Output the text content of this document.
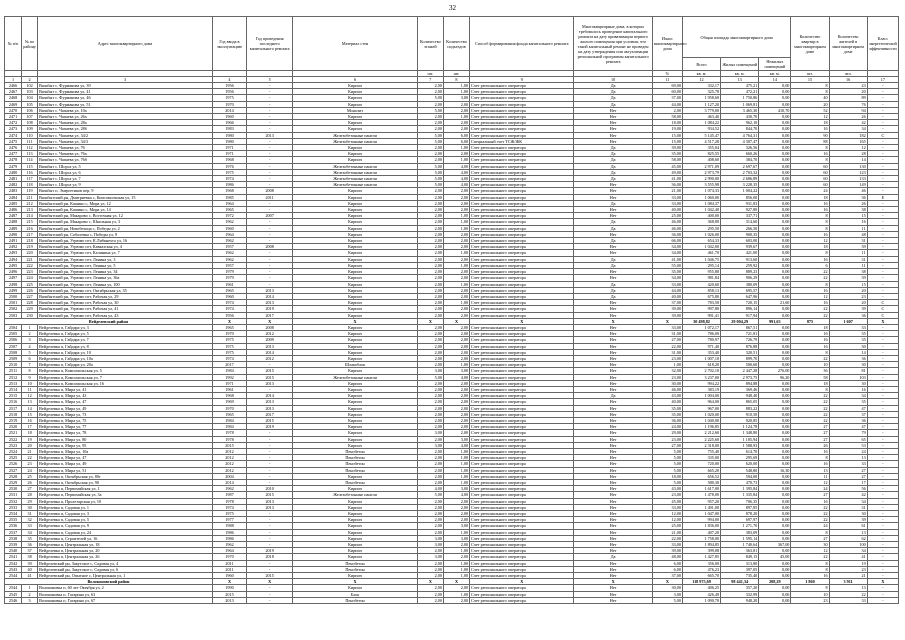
32
№ п/п	№ по району	Адрес многоквартирного дома	Год ввода в эксплуатацию	Год проведения последнего капитального ремонта	Материал стен	Количество этажей	Количество подъездов	Способ формирования фонда капитального ремонта	Многоквартирные дома, в которых требовалось проведение капитального ремонта на дату привативации первого жилого помещения при условии, что такой капитальный ремонт не проведен на дату утверждения или актуализации региональной программы капитального ремонта	Износ многоквартирного дома	Общая площадь многоквартирного дома			Количество квартир в многоквартирном доме	Количество жителей в многоквартирном доме	Класс энергетической эффективности
											Всего	Жилых помещений	Нежилых помещений			
						шт.	шт.			%	кв. м.	кв. м.	кв. м.	шт.	чел.	
1	2	3	4	5	6	7	8	9	10	11	12	13	14	15	16	17
2466	102	Вязьбыт с. Фурманова ул, 39	1956	-	Кирпич	2,00	1,00	Счет регионального оператора	Да	69,00	332,17	475,21	0,00	8	23	-
2467	103	Вязьбыт с. Фурманова ул, 41	1956	-	Кирпич	2,00	1,00	Счет регионального оператора	Да	60,00	325,78	472,21	0,00	8	20	-
2468	104	Вязьбыт с. Фурманова ул, 46	1975	-	Кирпич	5,00	3,00	Счет регионального оператора	Да	37,00	1 958,60	1 750,86	0,00	40	89	-
2469	105	Вязьбыт с. Фурманова ул, 51	1970	-	Кирпич	2,00	2,00	Счет регионального оператора	Да	44,00	1 127,20	1 069,81	0,00	20	76	-
2470	106	Вязьбыт с. Чапаева ул, 10а	2014	-	Монолит	5,00	2,00	Счет регионального оператора	Нет	2,00	3 779,00	3 465,30	410,70	52	94	-
2471	107	Вязьбыт с. Чапаева ул, 26а	1960	-	Кирпич	2,00	1,00	Счет регионального оператора	Нет	58,00	463,40	430,70	0,00	12	26	-
2472	108	Вязьбыт с. Чапаева ул, 28а	1966	-	Кирпич	2,00	2,00	Счет регионального оператора	Нет	18,00	1 084,22	962,10	0,00	18	42	-
2473	109	Вязьбыт с. Чапаева ул, 28б	1983	-	Кирпич	2,00	2,00	Счет регионального оператора	Нет	19,00	934,52	844,70	0,00	16	34	-
2474	110	Вязьбыт с. Чапаева ул, 34/2	1980	2013	Железобетонные панели	5,00	6,00	Счет регионального оператора	Нет	15,00	5 145,47	4 764,31	0,00	90	182	С
2475	111	Вязьбыт с. Чапаева ул, 34/3	1980	-	Железобетонные панели	5,00	6,00	Специальный счет ТСЖ/ЖК	Нет	15,00	4 517,28	4 307,47	0,00	88	165	-
2476	112	Вязьбыт с. Чапаева ул, 76	1971	-	Кирпич	2,00	1,00	Счет регионального оператора	Да	39,00	355,04	326,56	0,00	8	12	-
2477	113	Вязьбыт с. Чапаева ул, 76а	1971	-	Кирпич	2,00	2,00	Счет регионального оператора	Да	35,00	825,55	660,26	0,00	16	28	-
2478	114	Вязьбыт с. Чапаева ул, 76б	1968	-	Кирпич	2,00	1,00	Счет регионального оператора	Да	58,00	408,60	384,70	0,00	8	14	-
2479	115	Вязьбыт с. Шорса ул, 5	1976	-	Железобетонные панели	5,00	4,00	Счет регионального оператора	Да	45,00	2 971,09	2 697,67	0,00	60	130	-
2480	116	Вязьбыт с. Шорса ул, 6	1975	-	Железобетонные панели	5,00	4,00	Счет регионального оператора	Да	49,00	2 973,79	2 703,32	0,00	60	123	-
2481	117	Вязьбыт с. Шорса ул, 7	1974	-	Железобетонные панели	5,00	4,00	Счет регионального оператора	Да	41,00	2 990,00	2 686,89	0,00	60	133	-
2482	118	Вязьбыт с. Шорса ул, 9	1986	-	Железобетонные панели	5,00	4,00	Счет регионального оператора	Нет	36,00	3 555,98	3 228,35	0,00	60	149	-
2483	119	Вязьбыт п. Энергетиков пер, 9	1968	2008	Кирпич	2,00	2,00	Счет регионального оператора	Нет	21,00	1 074,33	1 004,22	0,00	24	46	-
2484	211	Вязьбытский рн, Дмитриевка с, Комсомольская ул, 15	1985	2011	Кирпич	2,00	2,00	Счет регионального оператора	Нет	33,00	1 060,00	856,00	0,00	18	36	Е
2485	212	Вязьбытский рн, Кашино с, Мира ул, 12	1964	-	Кирпич	2,00	2,00	Счет регионального оператора	Да	33,00	1 084,37	931,83	0,00	16	26	-
2486	213	Вязьбытский рн, Кашино с, Мира ул, 14	1965	-	Кирпич	2,00	2,00	Счет регионального оператора	Нет	40,00	1 042,40	927,80	0,00	16	38	-
2487	214	Вязьбытский рн, Макарово с, Восточная ул, 12	1972	2007	Кирпич	2,00	1,00	Счет регионального оператора	Нет	25,00	400,00	337,71	0,00	8	15	-
2488	215	Вязьбытский рн, Макарово с, Школьная ул, 3	1962	-	Кирпич	2,00	1,00	Счет регионального оператора	Да	46,00	368,80	314,60	0,00	8	16	-
2489	216	Вязьбытский рн, Новобелица с, Победы ул, 2	1960	-	Кирпич	2,00	1,00	Счет регионального оператора	Да	46,00	295,50	266,50	0,00	8	11	-
2490	217	Вязьбытский рн, Соболевка с, Победы ул, 9	1964	-	Кирпич	2,00	2,00	Счет регионального оператора	Нет	36,00	1 026,00	900,35	0,00	16	48	-
2491	218	Вязьбытский рн, Угрюмо пгт, К.Либкнехта ул, 16	1962	-	Кирпич	2,00	2,00	Счет регионального оператора	Да	66,00	654,33	603,00	0,00	12	31	-
2492	219	Вязьбытский рн, Угрюмо пгт, Кавказская ул, 4	1957	2008	Кирпич	2,00	2,00	Счет регионального оператора	Нет	34,00	1 042,00	939,67	0,00	18	39	-
2493	220	Вязьбытский рн, Угрюмо пгт, Калинина ул, 7	1962	-	Кирпич	2,00	1,00	Счет регионального оператора	Нет	34,00	461,70	421,00	0,00	8	11	-
2494	221	Вязьбытский рн, Угрюмо пгт, Ленина ул, 3	1962	-	Кирпич	2,00	2,00	Счет регионального оператора	Да	41,00	1 046,75	913,60	0,00	16	31	-
2495	222	Вязьбытский рн, Угрюмо пгт, Ленина ул, 5	1957	-	Кирпич	2,00	1,00	Счет регионального оператора	Да	55,00	295,14	259,92	0,00	6	11	-
2496	223	Вязьбытский рн, Угрюмо пгт, Ленина ул, 34	1979	-	Кирпич	2,00	2,00	Счет регионального оператора	Нет	35,00	955,80	889,23	0,00	22	38	-
2497	224	Вязьбытский рн, Угрюмо пгт, Ленина ул, 36а	1979	-	Кирпич	2,00	2,00	Счет регионального оператора	Нет	34,00	981,84	906,29	0,00	22	39	-
2498	225	Вязьбытский рн, Угрюмо пгт, Ленина ул, 100	1961	-	Кирпич	2,00	1,00	Счет регионального оператора	Да	33,00	420,60	380,09	0,00	8	15	-
2499	226	Вязьбытский рн, Угрюмо пгт, Октябрьская ул, 35	1965	2013	Кирпич	2,00	2,00	Счет регионального оператора	Да	44,00	858,13	695,57	0,00	16	20	-
2500	227	Вязьбытский рн, Угрюмо пгт, Рабочая ул, 29	1960	2014	Кирпич	2,00	2,00	Счет регионального оператора	Да	40,00	675,80	647,96	0,00	12	23	-
2501	228	Вязьбытский рн, Угрюмо пгт, Рабочая ул, 30	1974	2013	Кирпич	2,00	1,00	Счет регионального оператора	Нет	37,00	783,50	720,15	21,60	16	20	С
2502	229	Вязьбытский рн, Угрюмо пгт, Рабочая ул, 41	1974	2019	Кирпич	2,00	2,00	Счет регионального оператора	Нет	39,00	997,80	896,14	0,00	22	39	С
2503	230	Вязьбытский рн, Угрюмо пгт, Рабочая ул, 43	1956	2017	Кирпич	2,00	2,00	Счет регионального оператора	Нет	39,00	991,41	917,94	0,00	22	36	С
Вейделевский район			X	X	X	X	X	X	X	X	30 498,82	29 004,29	991,63	875	1 607	X
2504	1	Вейделевка п, Гайдара ул, 3	1965	2008	Кирпич	2,00	2,00	Счет регионального оператора	Нет	33,00	1 072,17	867,51	0,00	18	33	-
2505	2	Вейделевка п, Гайдара ул, 5	1970	2012	Кирпич	2,00	2,00	Счет регионального оператора	Нет	31,00	786,00	721,81	0,00	16	35	-
2506	3	Вейделевка п, Гайдара ул, 7	1975	2009	Кирпич	2,00	2,00	Счет регионального оператора	Нет	27,00	780,97	726,79	0,00	16	35	-
2507	4	Вейделевка п, Гайдара ул, 8	1975	2013	Кирпич	2,00	2,00	Счет регионального оператора	Нет	22,00	971,40	876,88	0,00	16	30	-
2508	5	Вейделевка п, Гайдара ул, 10	1975	2014	Кирпич	2,00	2,00	Счет регионального оператора	Нет	31,00	353,40	320,51	0,00	8	14	-
2509	6	Вейделевка п, Гайдара ул, 10а	1974	2012	Кирпич	2,00	2,00	Счет регионального оператора	Нет	23,00	1 007,10	899,70	0,00	22	36	-
2510	7	Вейделевка п, Гайдара ул, 20а	2017	-	Шлакоблок	2,00	1,00	Счет регионального оператора	Нет	1,00	618,20	500,60	0,00	10	30	-
2511	8	Вейделевка п, Комсомольская ул, 5	1984	2015	Кирпич	3,00	3,00	Счет регионального оператора	Нет	32,00	2 702,10	2 447,28	276,00	36	81	-
2512	9	Вейделевка п, Комсомольская ул, 7	1992	2015	Железобетонные панели	5,00	4,00	Счет регионального оператора	Нет	23,00	3 237,00	2 973,75	96,20	58	103	-
2513	10	Вейделевка п, Комсомольская ул, 16	1971	2013	Кирпич	2,00	2,00	Счет регионального оператора	Нет	30,00	994,22	894,88	0,00	18	30	-
2514	11	Вейделевка п, Мира ул, 41	1961	-	Кирпич	2,00	2,00	Счет регионального оператора	Нет	46,00	383,19	369,46	0,00	8	16	-
2515	12	Вейделевка п, Мира ул, 43	1968	2014	Кирпич	2,00	2,00	Счет регионального оператора	Да	43,00	1 004,00	948,40	0,00	22	34	-
2516	13	Вейделевка п, Мира ул, 47	1969	2013	Кирпич	2,00	2,00	Счет регионального оператора	Нет	40,00	964,00	865,05	0,00	22	35	-
2517	14	Вейделевка п, Мира ул, 49	1970	2013	Кирпич	2,00	2,00	Счет регионального оператора	Нет	35,00	967,00	883,22	0,00	22	47	-
2518	15	Вейделевка п, Мира ул, 73	1965	2017	Кирпич	2,00	2,00	Счет регионального оператора	Нет	35,00	1 020,00	910,50	0,00	22	37	-
2519	16	Вейделевка п, Мира ул, 75	1984	2015	Кирпич	2,00	2,00	Счет регионального оператора	Нет	36,00	1 040,00	920,85	0,00	22	36	-
2520	17	Вейделевка п, Мира ул, 77	1984	2019	Кирпич	2,00	2,00	Счет регионального оператора	Нет	24,00	1 196,85	1 124,78	0,00	27	47	-
2521	18	Вейделевка п, Мира ул, 78	1978	-	Кирпич	3,00	2,00	Счет регионального оператора	Нет	29,00	2 212,60	1 348,80	0,00	27	79	-
2522	19	Вейделевка п, Мира ул, 80	1978	-	Кирпич	2,00	3,00	Счет регионального оператора	Нет	23,00	2 225,60	1 105,94	0,00	27	65	-
2523	20	Вейделевка п, Мира ул, 95	2015	-	Кирпич	3,00	4,00	Счет регионального оператора	Нет	27,00	2 318,00	1 588,93	0,00	26	53	-
2524	21	Вейделевка п, Мира ул, 10а	2012	-	Пенобетон	2,00	1,00	Счет регионального оператора	Нет	5,00	755,40	614,70	0,00	16	24	-
2525	22	Вейделевка п, Мира ул, 47	2012	-	Пенобетон	2,00	1,00	Счет регионального оператора	Нет	5,00	335,00	295,69	0,00	8	13	-
2526	23	Вейделевка п, Мира ул, 49	2012	-	Пенобетон	2,00	1,00	Счет регионального оператора	Нет	5,00	720,00	620,00	0,00	16	33	-
2527	24	Вейделевка п, Мира ул, 51	2012	-	Пенобетон	2,00	1,00	Счет регионального оператора	Нет	5,00	665,20	548,80	16,30	13	27	-
2528	25	Вейделевка п, Октябрьская ул, 80г	2004	-	Кирпич	2,00	1,00	Счет регионального оператора	Нет	18,00	656,52	594,00	0,00	11	27	-
2529	26	Вейделевка п, Октябрьская ул, 90	2014	-	Пенобетон	2,00	1,00	Счет регионального оператора	Нет	5,00	580,30	470,73	0,00	12	17	-
2530	27	Вейделевка п, Первомайская ул, 1	1962	2010	Кирпич	4,00	3,00	Счет регионального оператора	Нет	43,00	1 617,00	1 395,84	0,00	24	56	-
2531	28	Вейделевка п, Первомайская ул, 3а	1987	2015	Железобетонные панели	5,00	4,00	Счет регионального оператора	Нет	23,00	1 478,00	1 335,84	0,00	27	42	-
2532	29	Вейделевка п, Пролетарская ул, 10	1978	2013	Кирпич	2,00	2,00	Счет регионального оператора	Нет	45,00	957,20	706,35	0,00	16	34	-
2533	30	Вейделевка п, Садовая ул, 1	1974	2013	Кирпич	2,00	2,00	Счет регионального оператора	Нет	33,00	1 491,00	897,85	0,00	22	31	-
2534	31	Вейделевка п, Садовая ул, 3	1975	-	Кирпич	2,00	2,00	Счет регионального оператора	Нет	12,00	1 047,00	878,20	0,00	22	30	-
2535	32	Вейделевка п, Садовая ул, 5	1977	-	Кирпич	2,00	2,00	Счет регионального оператора	Нет	12,00	994,00	697,97	0,00	22	39	-
2536	33	Вейделевка п, Садовая ул, 9	1988	-	Кирпич	2,00	3,00	Счет регионального оператора	Нет	25,00	1 836,00	1 271,70	0,00	24	61	-
2537	34	Вейделевка п, Садовая ул, 24	1986	-	Кирпич	2,00	1,00	Счет регионального оператора	Нет	21,00	407,20	383,09	0,00	8	13	-
2538	35	Вейделевка п, Строителей ул, 16	1986	-	Кирпич	3,00	3,00	Счет регионального оператора	Нет	22,00	1 758,00	1 595,14	0,00	27	62	-
2539	36	Вейделевка п, Центральная ул, 18	1962	-	Кирпич	3,00	2,00	Счет регионального оператора	Нет	33,00	1 894,85	1 740,64	367,00	30	100	-
2540	37	Вейделевка п, Центральная ул, 20	1964	2019	Кирпич	2,00	1,00	Счет регионального оператора	Нет	39,00	399,08	363,81	0,00	12	34	-
2541	38	Вейделевка п, Центральная ул, 26	1970	2018	Кирпич	3,00	2,00	Счет регионального оператора	Да	48,00	1 427,85	849,15	45,00	22	41	-
2542	39	Вейделевский рн, Закутское с, Садовая ул, 4	2011	-	Пенобетон	2,00	1,00	Счет регионального оператора	Нет	6,00	356,00	313,80	0,00	8	19	-
2543	40	Вейделевский рн, Закутское с, Садовая ул, 6	2011	-	Пенобетон	2,00	1,00	Счет регионального оператора	Нет	6,00	476,23	397,05	0,00	8	23	-
2544	41	Вейделевский рн, Опытное с, Центральная ул, 1	1960	2015	Кирпич	2,00	1,00	Счет регионального оператора	Нет	37,00	665,70	735,40	0,00	16	21	-
Волоконовский район			X	X	X	X	X	X	X	X	118 975,69	98 441,34	208,29	1 860	3 911	X
2544	1	Волоконовка п, 60 лет Октября ул, 2	1990	-	Кирпич	2,00	2,00	Счет регионального оператора	Нет	30,00	406,25	357,20	0,00	8	13	-
2545	2	Волоконовка п, Гагарина ул, 63	2015	-	Блок	2,00	1,00	Счет регионального оператора	Нет	3,00	426,49	332,99	0,00	10	22	-
2546	3	Волоконовка п, Гагарина ул, 67	2013	-	Пенобетон	2,00	2,00	Счет регионального оператора	Нет	5,00	1 090,70	948,20	0,00	23	33	-
